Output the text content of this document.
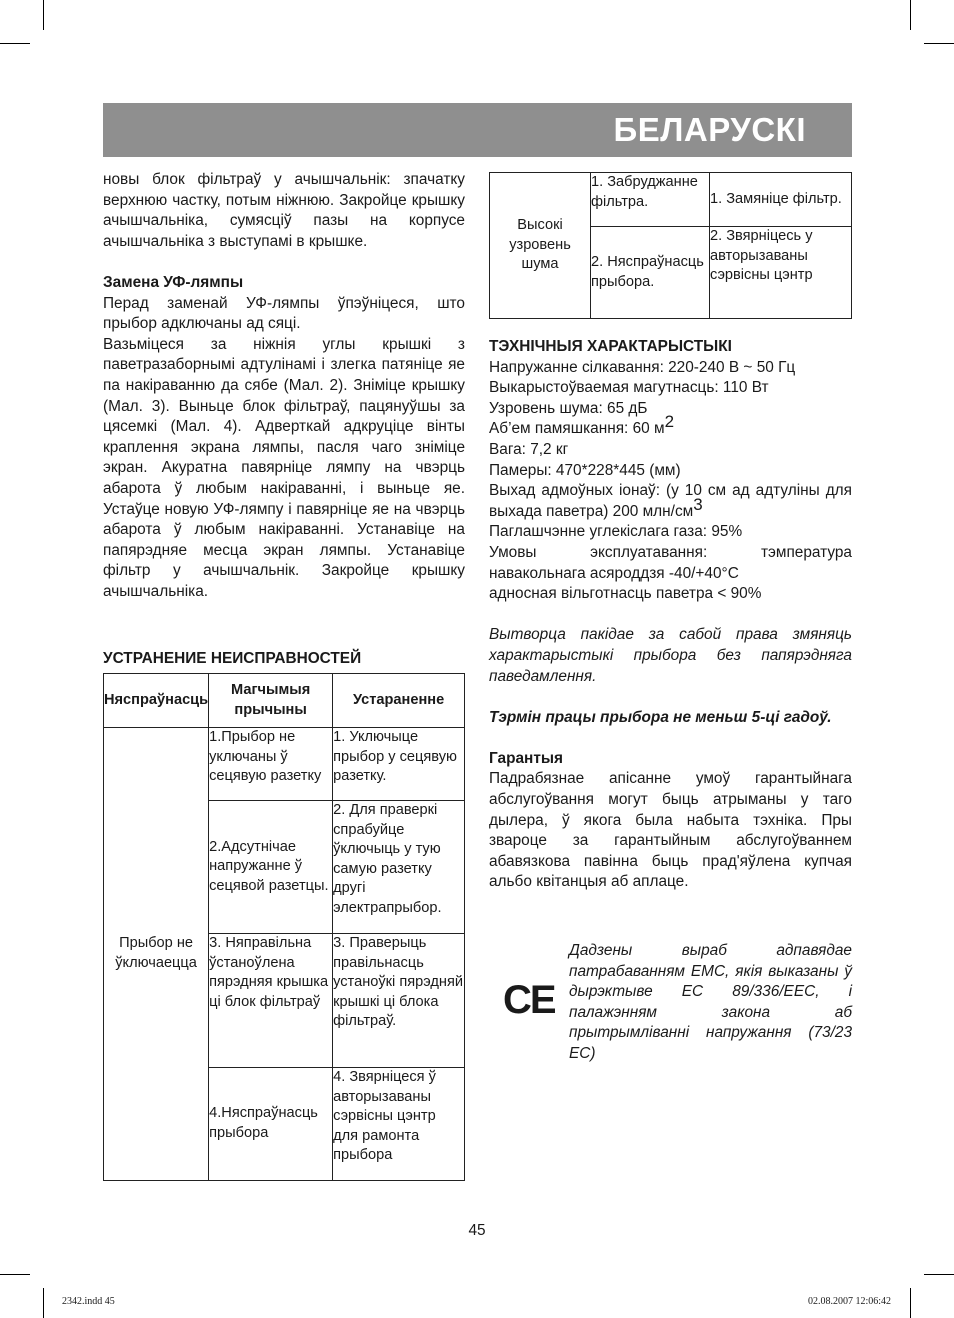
БЕЛАРУСКІ

новы блок фільтраў у ачышчальнік: зпачатку верхнюю частку, потым ніжнюю. Закройце крышку ачышчальніка, сумясціў пазы на корпусе ачышчальніка з выступамі в крышке.

Замена УФ-лямпы

Перад заменай УФ-лямпы ўпэўніцеся, што прыбор адключаны ад сяці.

Вазьміцеся за ніжнія углы крышкі з паветразаборнымі адтулінамі і злегка патяніце яе па накіраванню да сябе (Мал. 2). Зніміце крышку (Мал. 3). Выньце блок фільтраў, пацянуўшы за цясемкі (Мал. 4). Адверткай адкруціце вінты краплення экрана лямпы, пасля чаго зніміце экран. Акуратна павярніце лямпу на чвэрць абарота ў любым накіраванні, і выньце яе. Устаўце новую УФ-лямпу і павярніце яе на чвэрць абарота ў любым накіраванні. Устанавіце на папярэдняе месца экран лямпы. Устанавіце фільтр у ачышчальнік. Закройце крышку ачышчальніка.

УСТРАНЕНИЕ НЕИСПРАВНОСТЕЙ
Няспраўнасць	Магчымыя прычыны	Устараненне
Прыбор не ўключаецца	1.Прыбор не уключаны ў сецявую разетку	1. Уключыце прыбор у сецявую разетку.
	2.Адсутнічае напружанне ў сецявой разетцы.	2. Для праверкі спрабуйце ўключыць у тую самую разетку другі электрапрыбор.
	3. Няправільна ўстаноўлена пярэдняя крышка ці блок фільтраў	3. Праверыць правільнасць устаноўкі пярэдняй крышкі ці блока фільтраў.
	4.Няспраўнасць прыбора	4. Звярніцеся ў авторызаваны сэрвісны цэнтр для рамонта прыбора
Высокі узровень шума	1. Забруджанне фільтра.	1. Замяніце фільтр.
	2. Няспраўнасць прыбора.	2. Звярніцесь у авторызаваны сэрвісны цэнтр

ТЭХНІЧНЫЯ ХАРАКТАРЫСТЫКІ

Напружанне сілкавання: 220-240 В ~ 50 Гц

Выкарыстоўваемая магутнасць: 110 Вт

Узровень шума: 65 дБ

Аб’ем памяшкання: 60 $м^2$

Вага: 7,2 кг

Памеры: 470*228*445 (мм)

Выхад адмоўных іонаў: (у 10 см ад адтуліны для выхада паветра) 200 млн/$см^3$

Паглашчэнне углекіслага газа: 95%

Умовы эксплуатавання: тэмпература навакольнага асяроддзя -40/+40°С

адносная вільготнасць паветра < 90%

Вытворца пакідае за сабой права змяняць характарыстыкі прыбора без папярэдняга паведамлення.

Тэрмін працы прыбора не меньш 5-ці гадоў.

Гарантыя

Падрабязнае апісанне умоў гарантыйнага абслугоўвання могут быць атрыманы у таго дылера, ў якога была набыта тэхніка. Пры звароце за гарантыйным абслугоўваннем абавязкова павінна быць прад'яўлена купчая альбо квітанцыя аб аплаце.

CE
Дадзены выраб адпавядае патрабаванням ЕМС, якія выказаны ў дырэктыве ЕС 89/336/ЕЕС, і палажэнням закона аб прытрымліванні напружання (73/23 ЕС)
45
2342.indd 45	02.08.2007 12:06:42
